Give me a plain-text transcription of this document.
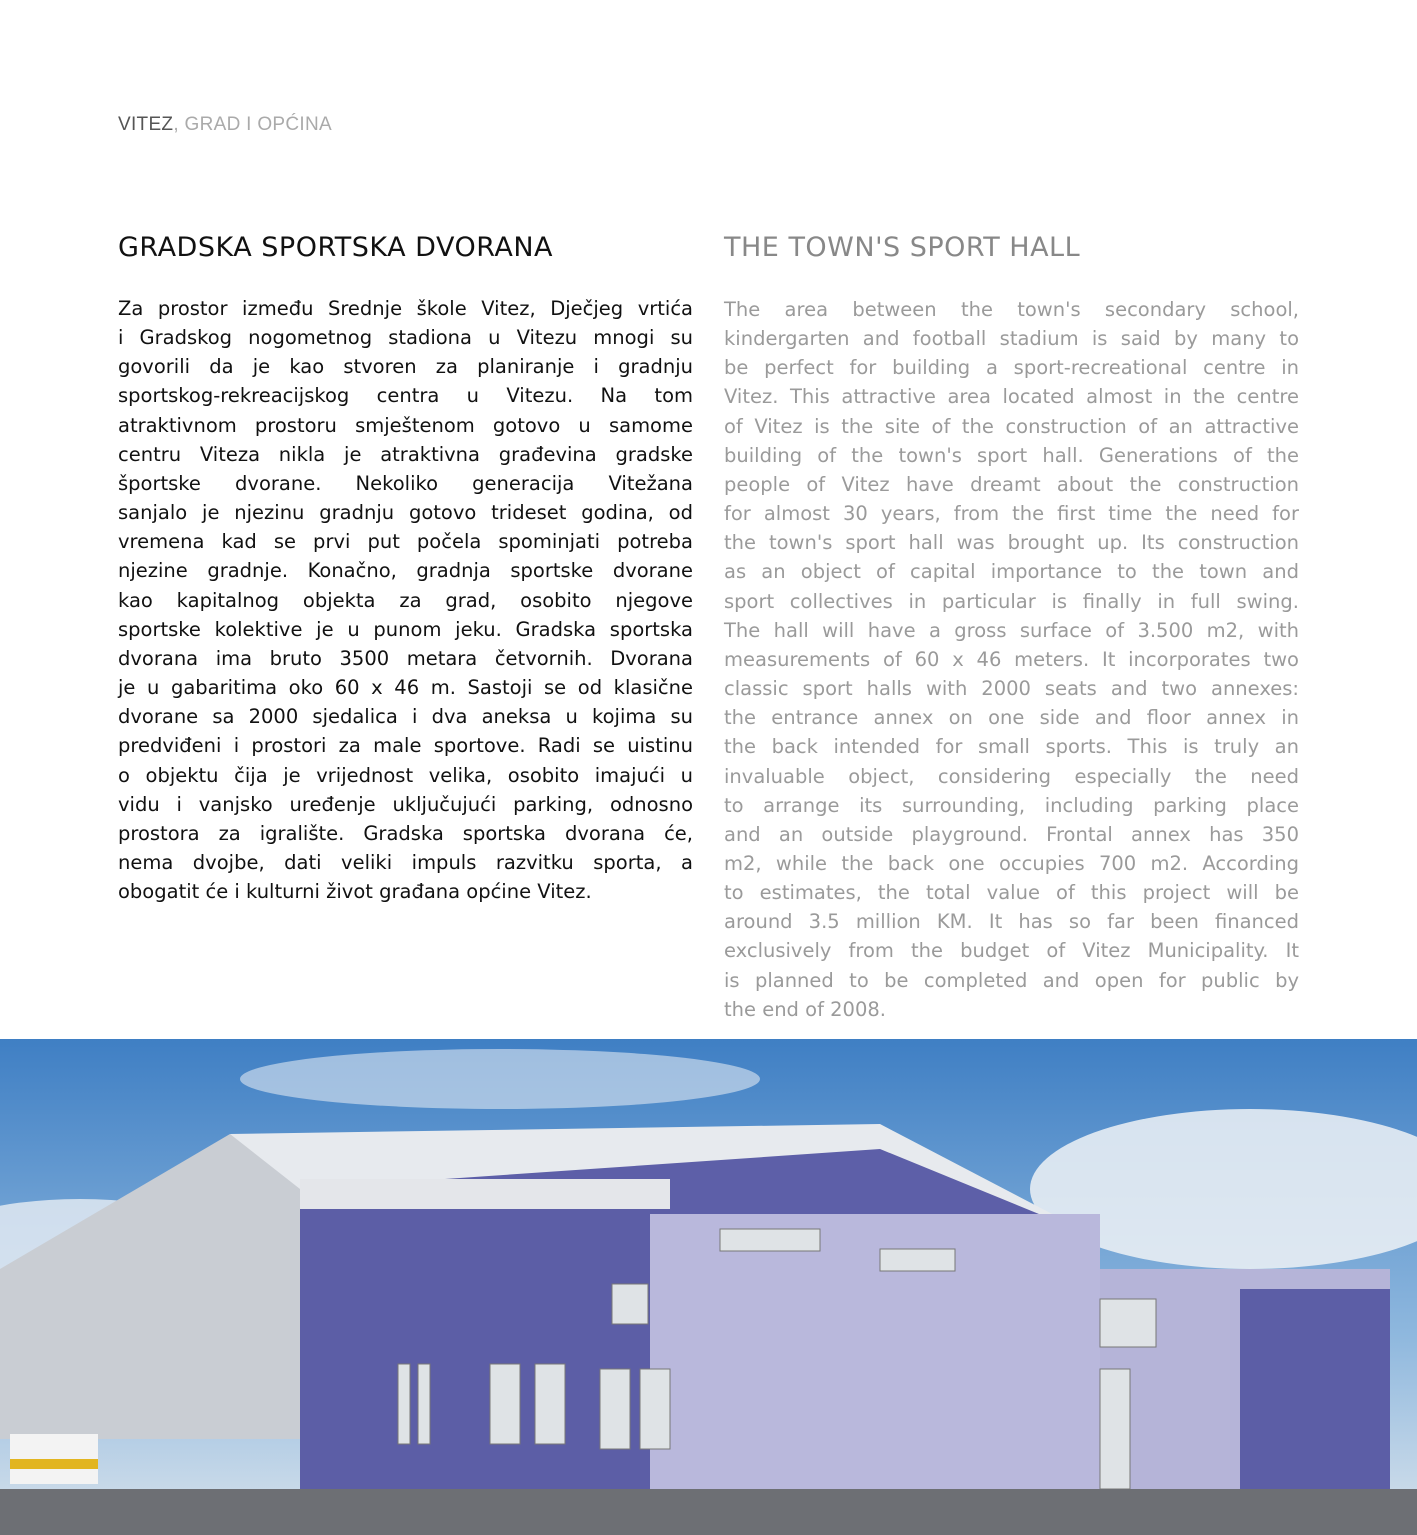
VITEZ, GRAD I OPĆINA
GRADSKA SPORTSKA DVORANA	THE TOWN'S SPORT HALL
Za prostor između Srednje škole Vitez, Dječjeg vrtića
i Gradskog nogometnog stadiona u Vitezu mnogi su
govorili da je kao stvoren za planiranje i gradnju
sportskog-rekreacijskog centra u Vitezu. Na tom
atraktivnom prostoru smještenom gotovo u samome
centru Viteza nikla je atraktivna građevina gradske
športske dvorane. Nekoliko generacija Vitežana
sanjalo je njezinu gradnju gotovo trideset godina, od
vremena kad se prvi put počela spominjati potreba
njezine gradnje. Konačno, gradnja sportske dvorane
kao kapitalnog objekta za grad, osobito njegove
sportske kolektive je u punom jeku. Gradska sportska
dvorana ima bruto 3500 metara četvornih. Dvorana
je u gabaritima oko 60 x 46 m. Sastoji se od klasične
dvorane sa 2000 sjedalica i dva aneksa u kojima su
predviđeni i prostori za male sportove. Radi se uistinu
o objektu čija je vrijednost velika, osobito imajući u
vidu i vanjsko uređenje uključujući parking, odnosno
prostora za igralište. Gradska sportska dvorana će,
nema dvojbe, dati veliki impuls razvitku sporta, a
obogatit će i kulturni život građana općine Vitez.
The area between the town's secondary school,
kindergarten and football stadium is said by many to
be perfect for building a sport-recreational centre in
Vitez. This attractive area located almost in the centre
of Vitez is the site of the construction of an attractive
building of the town's sport hall. Generations of the
people of Vitez have dreamt about the construction
for almost 30 years, from the first time the need for
the town's sport hall was brought up. Its construction
as an object of capital importance to the town and
sport collectives in particular is finally in full swing.
The hall will have a gross surface of 3.500 m2, with
measurements of 60 x 46 meters. It incorporates two
classic sport halls with 2000 seats and two annexes:
the entrance annex on one side and floor annex in
the back intended for small sports. This is truly an
invaluable object, considering especially the need
to arrange its surrounding, including parking place
and an outside playground. Frontal annex has 350
m2, while the back one occupies 700 m2. According
to estimates, the total value of this project will be
around 3.5 million KM. It has so far been financed
exclusively from the budget of Vitez Municipality. It
is planned to be completed and open for public by
the end of 2008.
